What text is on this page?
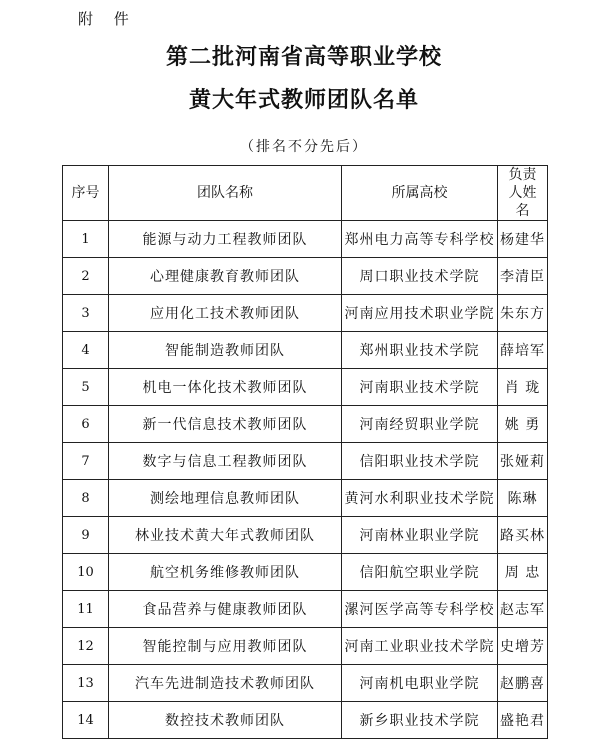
附 件
第二批河南省高等职业学校
黄大年式教师团队名单
（排名不分先后）
序号	团队名称	所属高校	负责人姓名
1	能源与动力工程教师团队	郑州电力高等专科学校	杨建华
2	心理健康教育教师团队	周口职业技术学院	李清臣
3	应用化工技术教师团队	河南应用技术职业学院	朱东方
4	智能制造教师团队	郑州职业技术学院	薛培军
5	机电一体化技术教师团队	河南职业技术学院	肖 珑
6	新一代信息技术教师团队	河南经贸职业学院	姚 勇
7	数字与信息工程教师团队	信阳职业技术学院	张娅莉
8	测绘地理信息教师团队	黄河水利职业技术学院	陈琳
9	林业技术黄大年式教师团队	河南林业职业学院	路买林
10	航空机务维修教师团队	信阳航空职业学院	周 忠
11	食品营养与健康教师团队	漯河医学高等专科学校	赵志军
12	智能控制与应用教师团队	河南工业职业技术学院	史增芳
13	汽车先进制造技术教师团队	河南机电职业学院	赵鹏喜
14	数控技术教师团队	新乡职业技术学院	盛艳君
